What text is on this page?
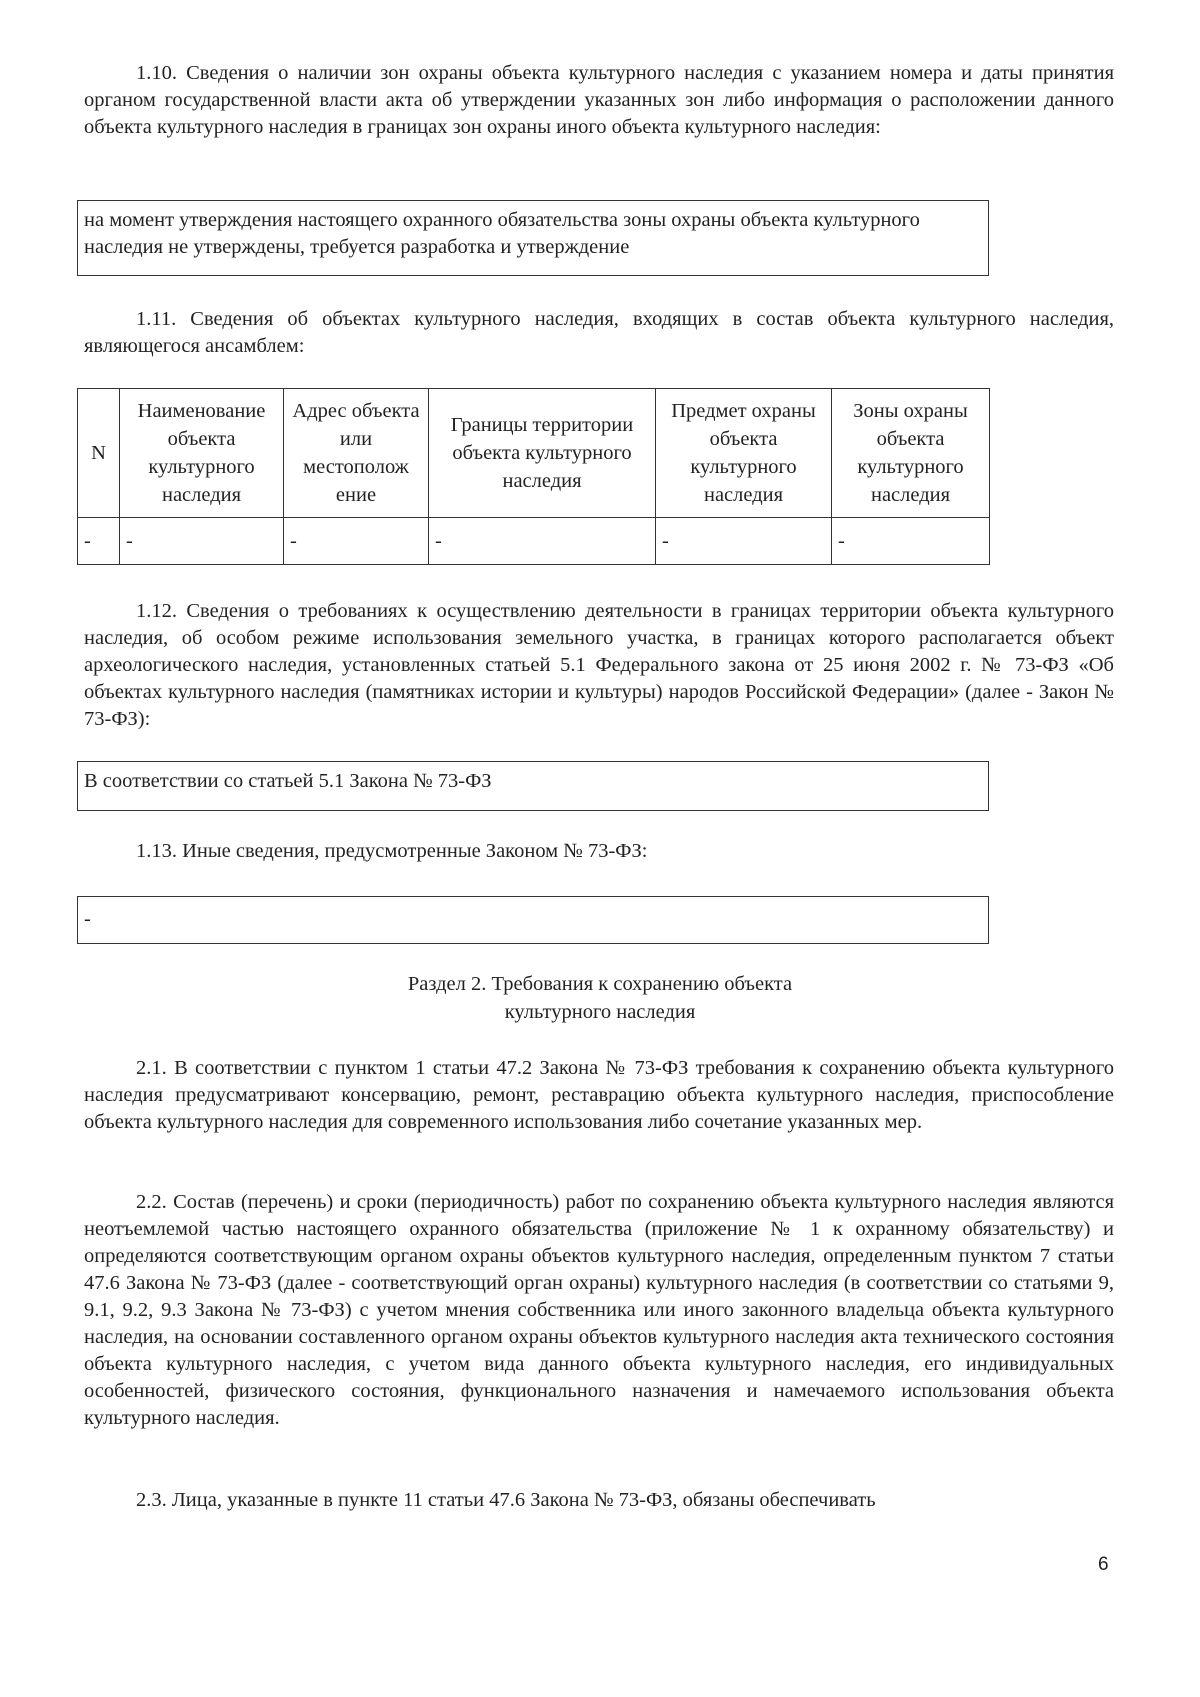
1.10. Сведения о наличии зон охраны объекта культурного наследия с указанием номера и даты принятия органом государственной власти акта об утверждении указанных зон либо информация о расположении данного объекта культурного наследия в границах зон охраны иного объекта культурного наследия:

на момент утверждения настоящего охранного обязательства зоны охраны объекта культурного наследия не утверждены, требуется разработка и утверждение

1.11. Сведения об объектах культурного наследия, входящих в состав объекта культурного наследия, являющегося ансамблем:

N	Наименование объекта культурного наследия	Адрес объекта или местополож ение	Границы территории объекта культурного наследия	Предмет охраны объекта культурного наследия	Зоны охраны объекта культурного наследия
-	-	-	-	-	-

1.12. Сведения о требованиях к осуществлению деятельности в границах территории объекта культурного наследия, об особом режиме использования земельного участка, в границах которого располагается объект археологического наследия, установленных статьей 5.1 Федерального закона от 25 июня 2002 г. № 73-ФЗ «Об объектах культурного наследия (памятниках истории и культуры) народов Российской Федерации» (далее - Закон № 73-ФЗ):

В соответствии со статьей 5.1 Закона № 73-ФЗ

1.13. Иные сведения, предусмотренные Законом № 73-ФЗ:

-
Раздел 2. Требования к сохранению объекта
культурного наследия

2.1. В соответствии с пунктом 1 статьи 47.2 Закона № 73-ФЗ требования к сохранению объекта культурного наследия предусматривают консервацию, ремонт, реставрацию объекта культурного наследия, приспособление объекта культурного наследия для современного использования либо сочетание указанных мер.

2.2. Состав (перечень) и сроки (периодичность) работ по сохранению объекта культурного наследия являются неотъемлемой частью настоящего охранного обязательства (приложение № 1 к охранному обязательству) и определяются соответствующим органом охраны объектов культурного наследия, определенным пунктом 7 статьи 47.6 Закона № 73-ФЗ (далее - соответствующий орган охраны) культурного наследия (в соответствии со статьями 9, 9.1, 9.2, 9.3 Закона № 73-ФЗ) с учетом мнения собственника или иного законного владельца объекта культурного наследия, на основании составленного органом охраны объектов культурного наследия акта технического состояния объекта культурного наследия, с учетом вида данного объекта культурного наследия, его индивидуальных особенностей, физического состояния, функционального назначения и намечаемого использования объекта культурного наследия.

2.3. Лица, указанные в пункте 11 статьи 47.6 Закона № 73-ФЗ, обязаны обеспечивать

6
